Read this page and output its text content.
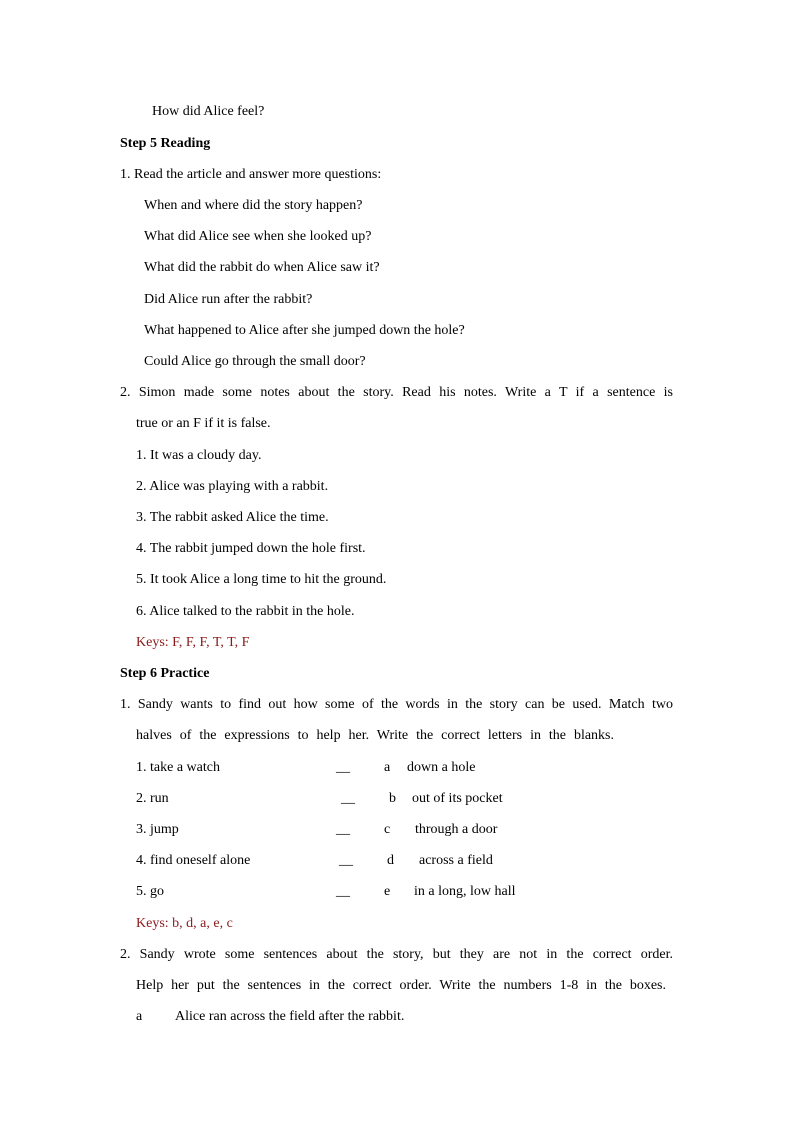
How did Alice feel?
Step 5 Reading
1. Read the article and answer more questions:
When and where did the story happen?
What did Alice see when she looked up?
What did the rabbit do when Alice saw it?
Did Alice run after the rabbit?
What happened to Alice after she jumped down the hole?
Could Alice go through the small door?
2. Simon made some notes about the story. Read his notes. Write a T if a sentence is
true or an F if it is false.
1. It was a cloudy day.
2. Alice was playing with a rabbit.
3. The rabbit asked Alice the time.
4. The rabbit jumped down the hole first.
5. It took Alice a long time to hit the ground.
6. Alice talked to the rabbit in the hole.
Keys: F, F, F, T, T, F
Step 6 Practice
1. Sandy wants to find out how some of the words in the story can be used. Match two
halves of the expressions to help her. Write the correct letters in the blanks.
1. take a watch	__ a down a hole
2. run	__ b out of its pocket
3. jump	__ c through a door
4. find oneself alone	__ d across a field
5. go	__ e in a long, low hall
Keys: b, d, a, e, c
2. Sandy wrote some sentences about the story, but they are not in the correct order.
Help her put the sentences in the correct order. Write the numbers 1-8 in the boxes.
a Alice ran across the field after the rabbit.
